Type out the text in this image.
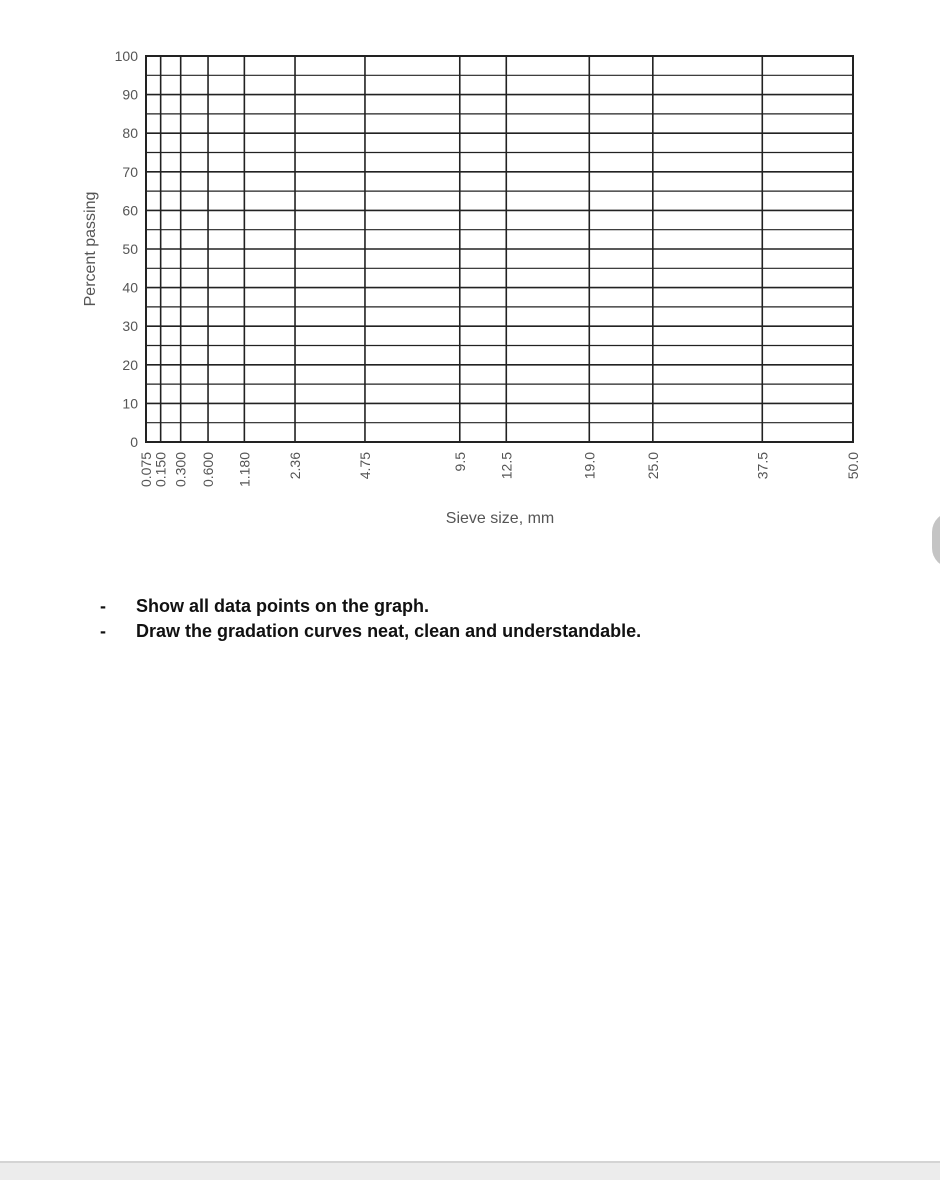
0
10
20
30
40
50
60
70
80
90
100
0.075
0.150 0.300 0.600 1.180 2.36	4.75	9.5 12.5	19.0	25.0	37.5	50.0
Percent passing
Sieve size, mm
- Show all data points on the graph.
- Draw the gradation curves neat, clean and understandable.
